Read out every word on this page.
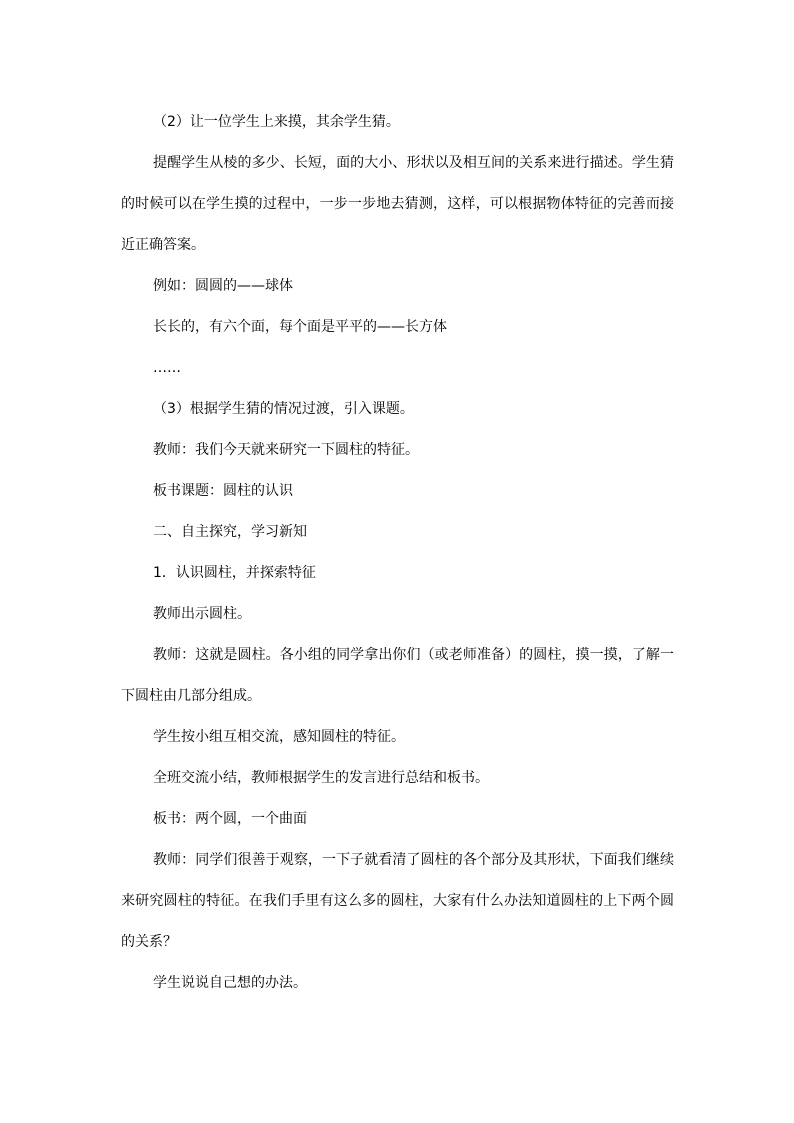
（2）让一位学生上来摸，其余学生猜。

提醒学生从棱的多少、长短，面的大小、形状以及相互间的关系来进行描述。学生猜的时候可以在学生摸的过程中，一步一步地去猜测，这样，可以根据物体特征的完善而接近正确答案。

例如：圆圆的——球体

长长的，有六个面，每个面是平平的——长方体

……

（3）根据学生猜的情况过渡，引入课题。

教师：我们今天就来研究一下圆柱的特征。

板书课题：圆柱的认识

二、自主探究，学习新知

1．认识圆柱，并探索特征

教师出示圆柱。

教师：这就是圆柱。各小组的同学拿出你们（或老师准备）的圆柱，摸一摸，了解一下圆柱由几部分组成。

学生按小组互相交流，感知圆柱的特征。

全班交流小结，教师根据学生的发言进行总结和板书。

板书：两个圆，一个曲面

教师：同学们很善于观察，一下子就看清了圆柱的各个部分及其形状，下面我们继续来研究圆柱的特征。在我们手里有这么多的圆柱，大家有什么办法知道圆柱的上下两个圆的关系？

学生说说自己想的办法。
